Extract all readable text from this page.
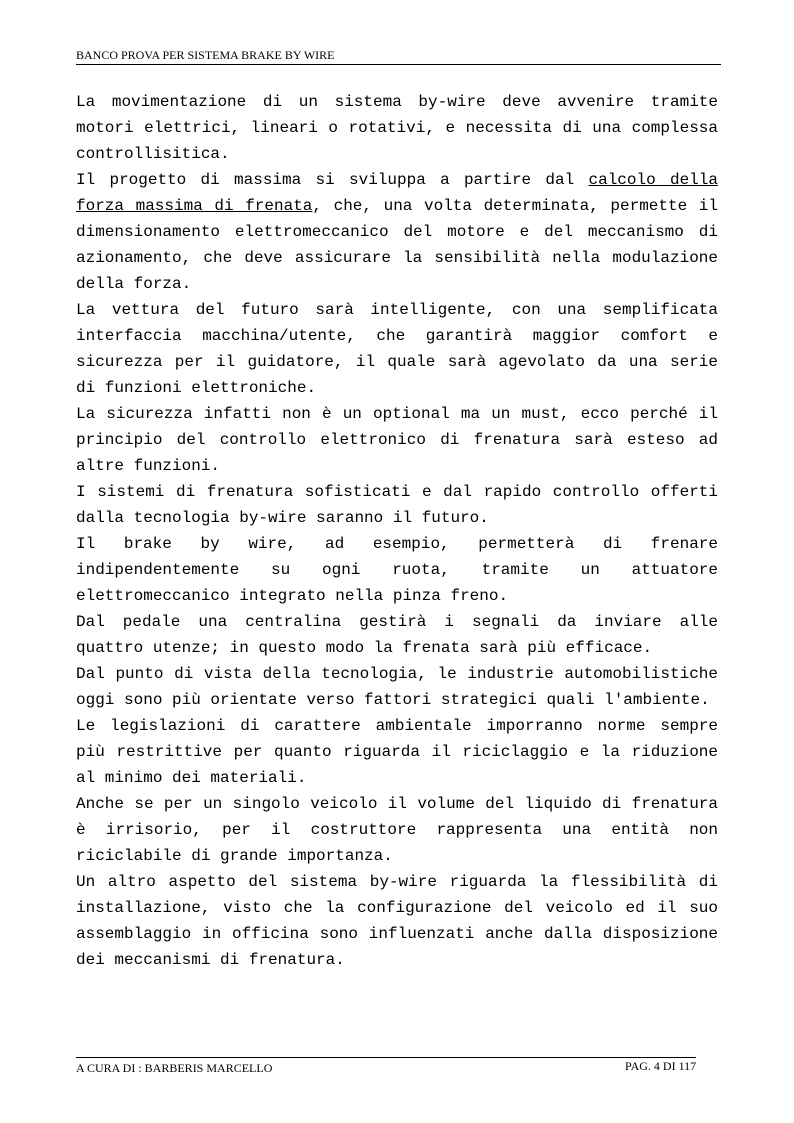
BANCO PROVA PER SISTEMA BRAKE BY WIRE

La movimentazione di un sistema by-wire deve avvenire tramite motori elettrici, lineari o rotativi, e necessita di una complessa controllisitica.

Il progetto di massima si sviluppa a partire dal calcolo della forza massima di frenata, che, una volta determinata, permette il dimensionamento elettromeccanico del motore e del meccanismo di azionamento, che deve assicurare la sensibilità nella modulazione della forza.

La vettura del futuro sarà intelligente, con una semplificata interfaccia macchina/utente, che garantirà maggior comfort e sicurezza per il guidatore, il quale sarà agevolato da una serie di funzioni elettroniche.

La sicurezza infatti non è un optional ma un must, ecco perché il principio del controllo elettronico di frenatura sarà esteso ad altre funzioni.

I sistemi di frenatura sofisticati e dal rapido controllo offerti dalla tecnologia by-wire saranno il futuro.

Il brake by wire, ad esempio, permetterà di frenare indipendentemente su ogni ruota, tramite un attuatore elettromeccanico integrato nella pinza freno.

Dal pedale una centralina gestirà i segnali da inviare alle quattro utenze; in questo modo la frenata sarà più efficace.

Dal punto di vista della tecnologia, le industrie automobilistiche oggi sono più orientate verso fattori strategici quali l'ambiente.

Le legislazioni di carattere ambientale imporranno norme sempre più restrittive per quanto riguarda il riciclaggio e la riduzione al minimo dei materiali.

Anche se per un singolo veicolo il volume del liquido di frenatura è irrisorio, per il costruttore rappresenta una entità non riciclabile di grande importanza.

Un altro aspetto del sistema by-wire riguarda la flessibilità di installazione, visto che la configurazione del veicolo ed il suo assemblaggio in officina sono influenzati anche dalla disposizione dei meccanismi di frenatura.

A CURA DI : BARBERIS MARCELLO	PAG. 4 DI 117
